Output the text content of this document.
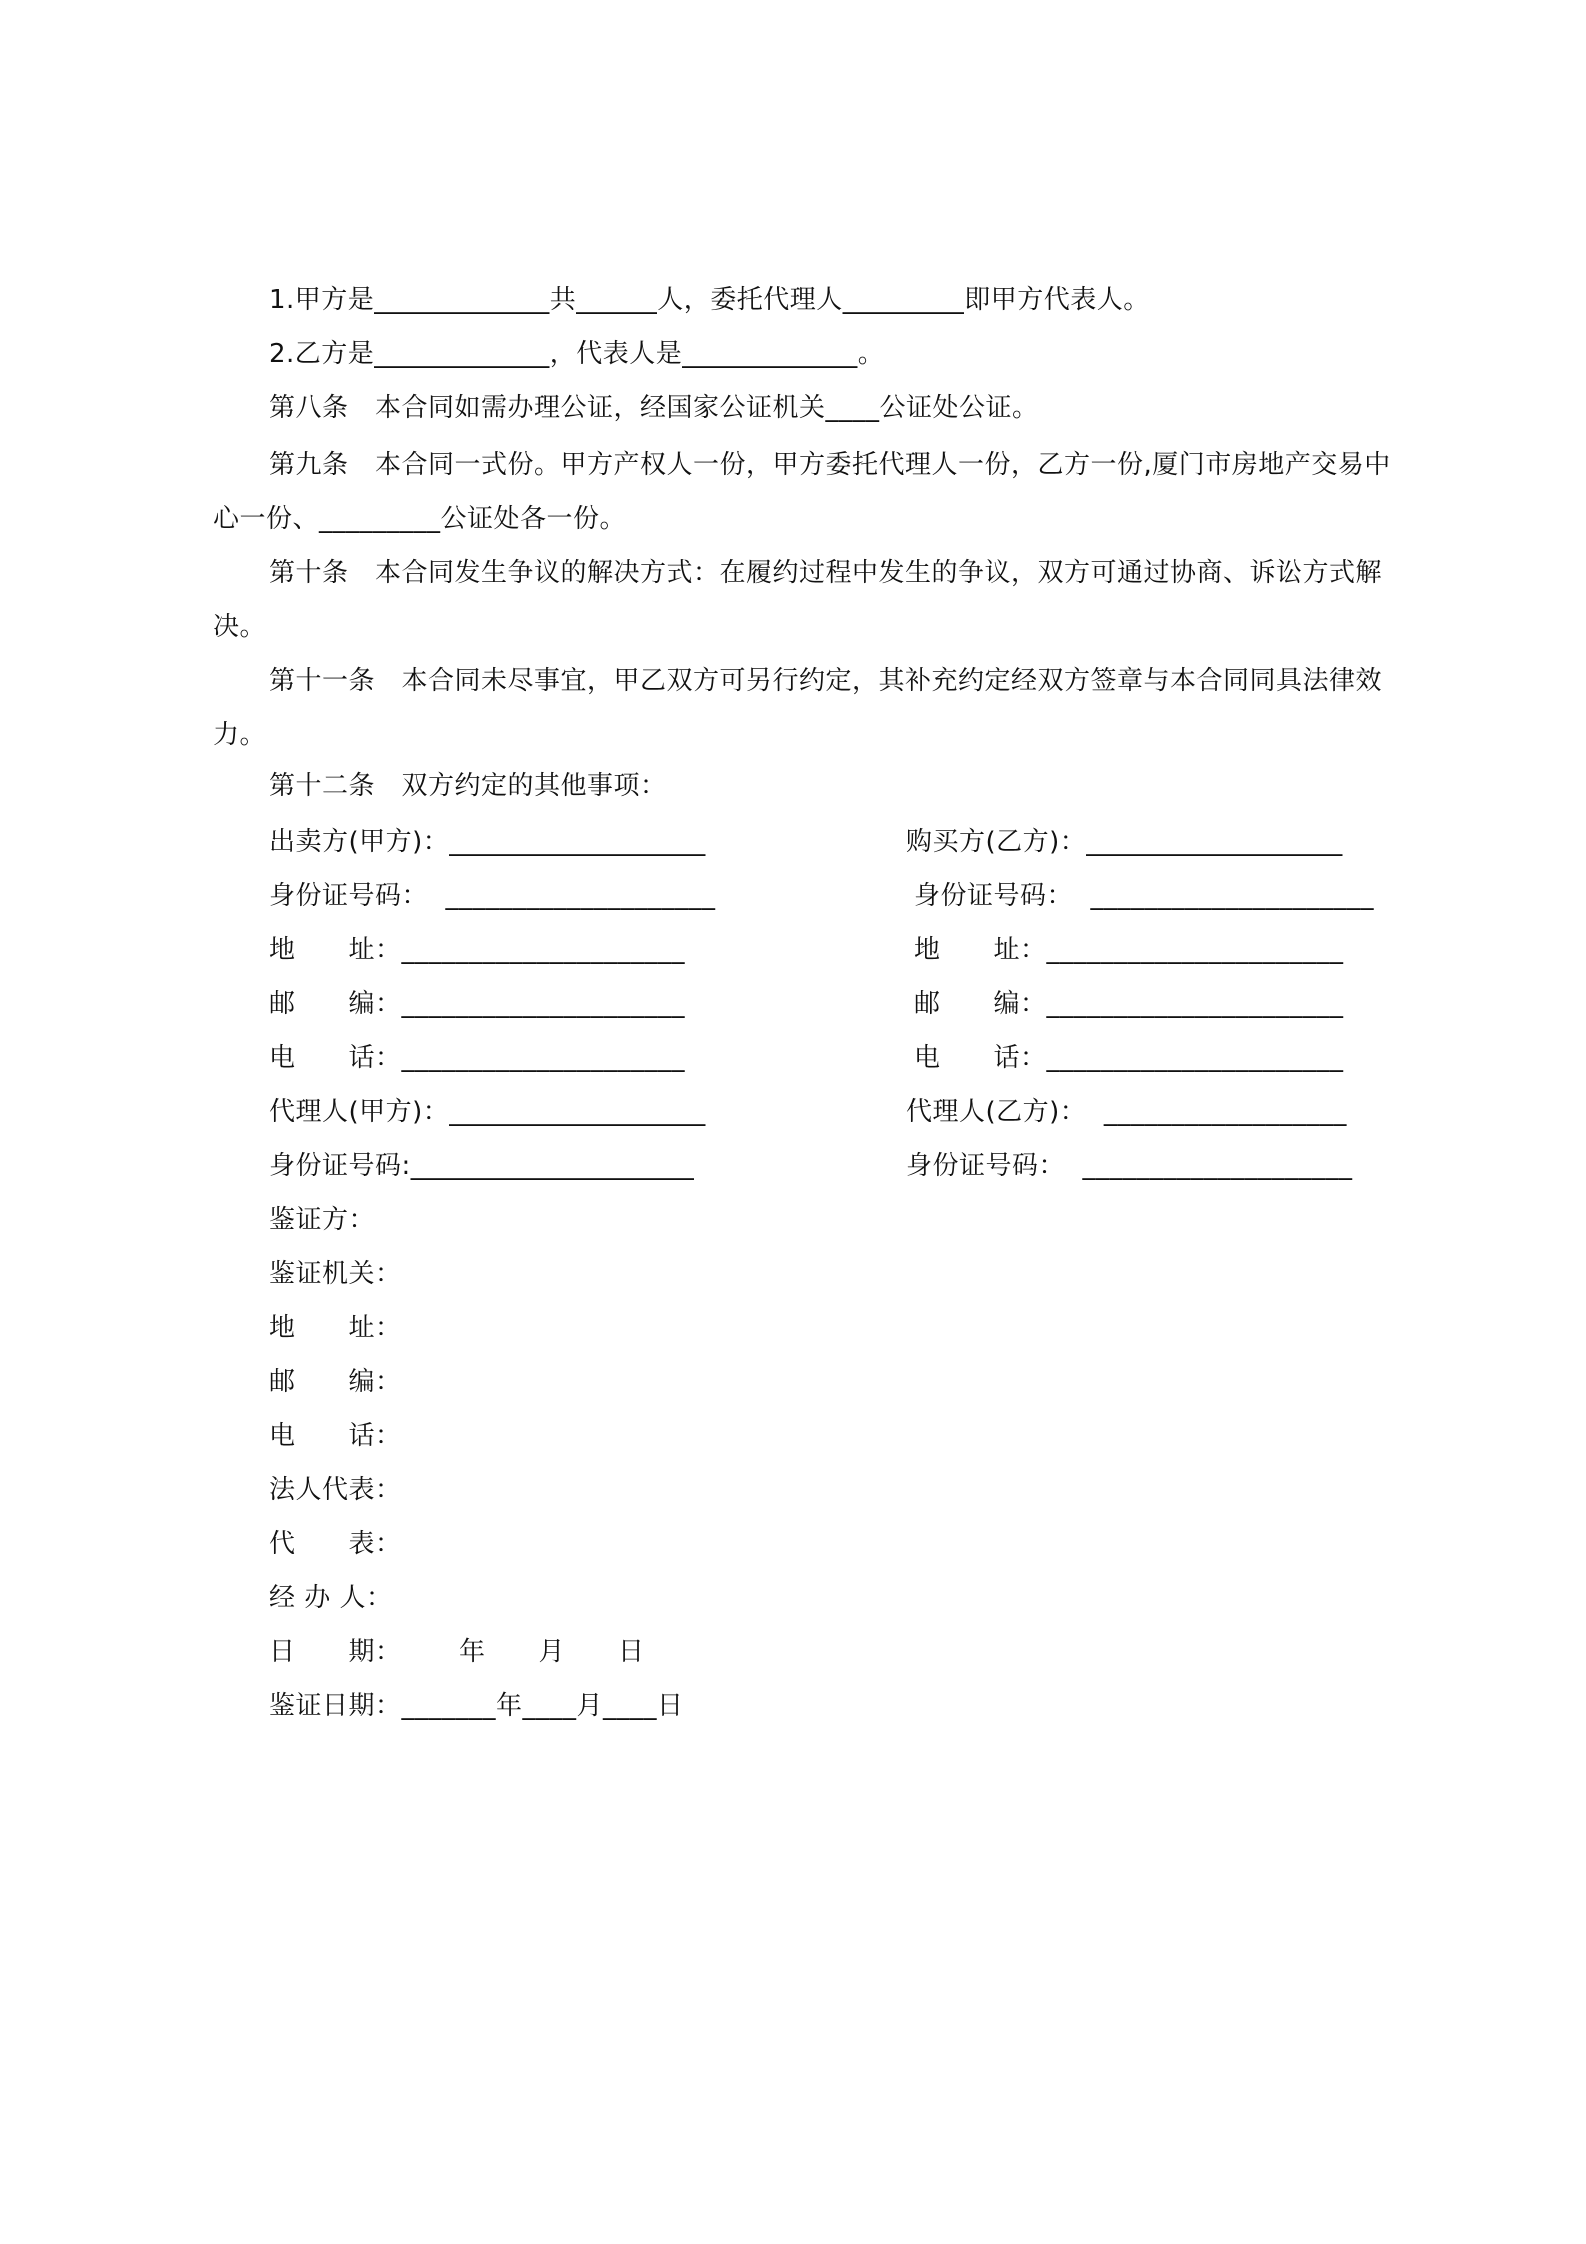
1.甲方是_____________共______人，委托代理人_________即甲方代表人。
2.乙方是_____________，代表人是_____________。
第八条　本合同如需办理公证，经国家公证机关____公证处公证。
第九条　本合同一式份。甲方产权人一份，甲方委托代理人一份，乙方一份,厦门市房地产交易中心一份、_________公证处各一份。
第十条　本合同发生争议的解决方式：在履约过程中发生的争议，双方可通过协商、诉讼方式解决。
第十一条　本合同未尽事宜，甲乙双方可另行约定，其补充约定经双方签章与本合同同具法律效力。
第十二条　双方约定的其他事项：
出卖方(甲方)：___________________
身份证号码：  ____________________
地　　址：_____________________
邮　　编：_____________________
电　　话：_____________________
代理人(甲方)：___________________
身份证号码:_____________________
购买方(乙方)：___________________
身份证号码：  _____________________
地　　址：______________________
邮　　编：______________________
电　　话：______________________
代理人(乙方)：  __________________
身份证号码：  ____________________
鉴证方：
鉴证机关：
地　　址：
邮　　编：
电　　话：
法人代表：
代　　表：
经 办 人：
日　　期：　　  年　　月　　日
鉴证日期：_______年____月____日
